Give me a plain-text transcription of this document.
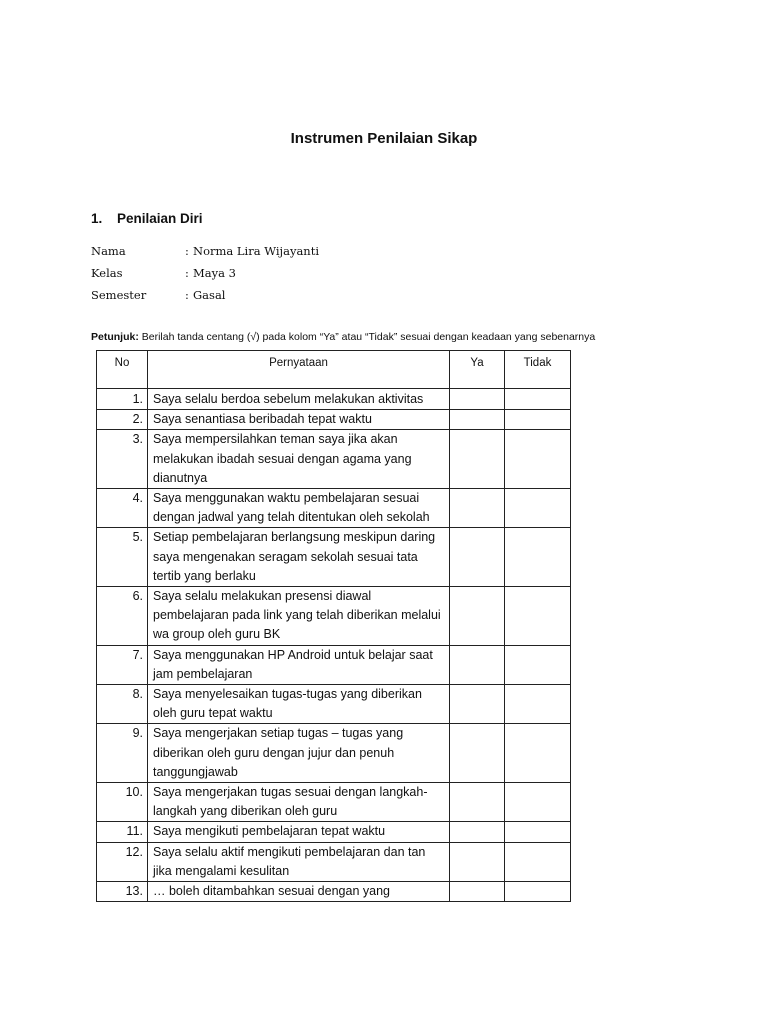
Instrumen Penilaian Sikap
1. Penilaian Diri
Nama	: Norma Lira Wijayanti
Kelas	: Maya 3
Semester	: Gasal
Petunjuk: Berilah tanda centang (√) pada kolom “Ya” atau “Tidak” sesuai dengan keadaan yang sebenarnya
No	Pernyataan	Ya	Tidak
1.	Saya selalu berdoa sebelum melakukan aktivitas		
2.	Saya senantiasa beribadah tepat waktu		
3.	Saya mempersilahkan teman saya jika akan melakukan ibadah sesuai dengan agama yang dianutnya		
4.	Saya menggunakan waktu pembelajaran sesuai dengan jadwal yang telah ditentukan oleh sekolah		
5.	Setiap pembelajaran berlangsung meskipun daring saya mengenakan seragam sekolah sesuai tata tertib yang berlaku		
6.	Saya selalu melakukan presensi diawal pembelajaran pada link yang telah diberikan melalui wa group oleh guru BK		
7.	Saya menggunakan HP Android untuk belajar saat jam pembelajaran		
8.	Saya menyelesaikan tugas-tugas yang diberikan oleh guru tepat waktu		
9.	Saya mengerjakan setiap tugas – tugas yang diberikan oleh guru dengan jujur dan penuh tanggungjawab		
10.	Saya mengerjakan tugas sesuai dengan langkah-langkah yang diberikan oleh guru		
11.	Saya mengikuti pembelajaran tepat waktu		
12.	Saya selalu aktif mengikuti pembelajaran dan tan jika mengalami kesulitan		
13.	… boleh ditambahkan sesuai dengan yang		
